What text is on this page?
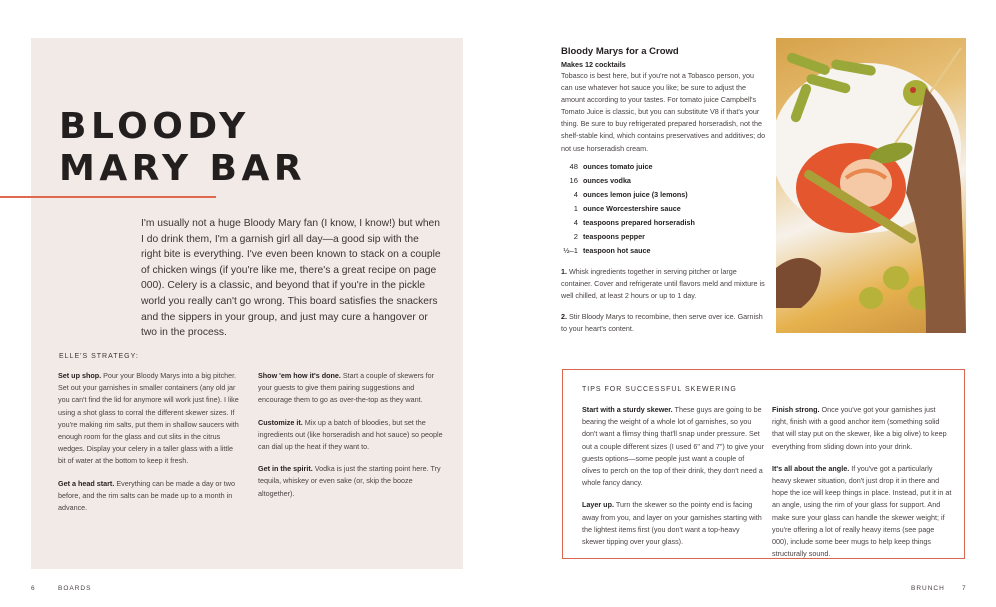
BLOODY
MARY BAR

I'm usually not a huge Bloody Mary fan (I know, I know!) but when I do drink them, I'm a garnish girl all day—a good sip with the right bite is everything. I've even been known to stack on a couple of chicken wings (if you're like me, there's a great recipe on page 000). Celery is a classic, and beyond that if you're in the pickle world you really can't go wrong. This board satisfies the snackers and the sippers in your group, and just may cure a hangover or two in the process.

ELLE'S STRATEGY:

Set up shop. Pour your Bloody Marys into a big pitcher. Set out your garnishes in smaller containers (any old jar you can't find the lid for anymore will work just fine). I like using a shot glass to corral the different skewer sizes. If you're making rim salts, put them in shallow saucers with enough room for the glass and cut slits in the citrus wedges. Display your celery in a taller glass with a little bit of water at the bottom to keep it fresh.

Get a head start. Everything can be made a day or two before, and the rim salts can be made up to a month in advance.

Show 'em how it's done. Start a couple of skewers for your guests to give them pairing suggestions and encourage them to go as over-the-top as they want.

Customize it. Mix up a batch of bloodies, but set the ingredients out (like horseradish and hot sauce) so people can dial up the heat if they want to.

Get in the spirit. Vodka is just the starting point here. Try tequila, whiskey or even sake (or, skip the booze altogether).

6	BOARDS
Bloody Marys for a Crowd

Makes 12 cocktails

Tobasco is best here, but if you're not a Tobasco person, you can use whatever hot sauce you like; be sure to adjust the amount according to your tastes. For tomato juice Campbell's Tomato Juice is classic, but you can substitute V8 if that's your thing. Be sure to buy refrigerated prepared horseradish, not the shelf-stable kind, which contains preservatives and additives; do not use horseradish cream.

48 ounces tomato juice
16 ounces vodka
4 ounces lemon juice (3 lemons)
1 ounce Worcestershire sauce
4 teaspoons prepared horseradish
2 teaspoons pepper
½–1 teaspoon hot sauce

1. Whisk ingredients together in serving pitcher or large container. Cover and refrigerate until flavors meld and mixture is well chilled, at least 2 hours or up to 1 day.

2. Stir Bloody Marys to recombine, then serve over ice. Garnish to your heart's content.

TIPS FOR SUCCESSFUL SKEWERING

Start with a sturdy skewer. These guys are going to be bearing the weight of a whole lot of garnishes, so you don't want a flimsy thing that'll snap under pressure. Set out a couple different sizes (I used 6" and 7") to give your guests options—some people just want a couple of olives to perch on the top of their drink, they don't need a whole fancy dancy.

Layer up. Turn the skewer so the pointy end is facing away from you, and layer on your garnishes starting with the lightest items first (you don't want a top-heavy skewer tipping over your glass).

Finish strong. Once you've got your garnishes just right, finish with a good anchor item (something solid that will stay put on the skewer, like a big olive) to keep everything from sliding down into your drink.

It's all about the angle. If you've got a particularly heavy skewer situation, don't just drop it in there and hope the ice will keep things in place. Instead, put it in at an angle, using the rim of your glass for support. And make sure your glass can handle the skewer weight; if you're offering a lot of really heavy items (see page 000), include some beer mugs to help keep things structurally sound.

BRUNCH	7
